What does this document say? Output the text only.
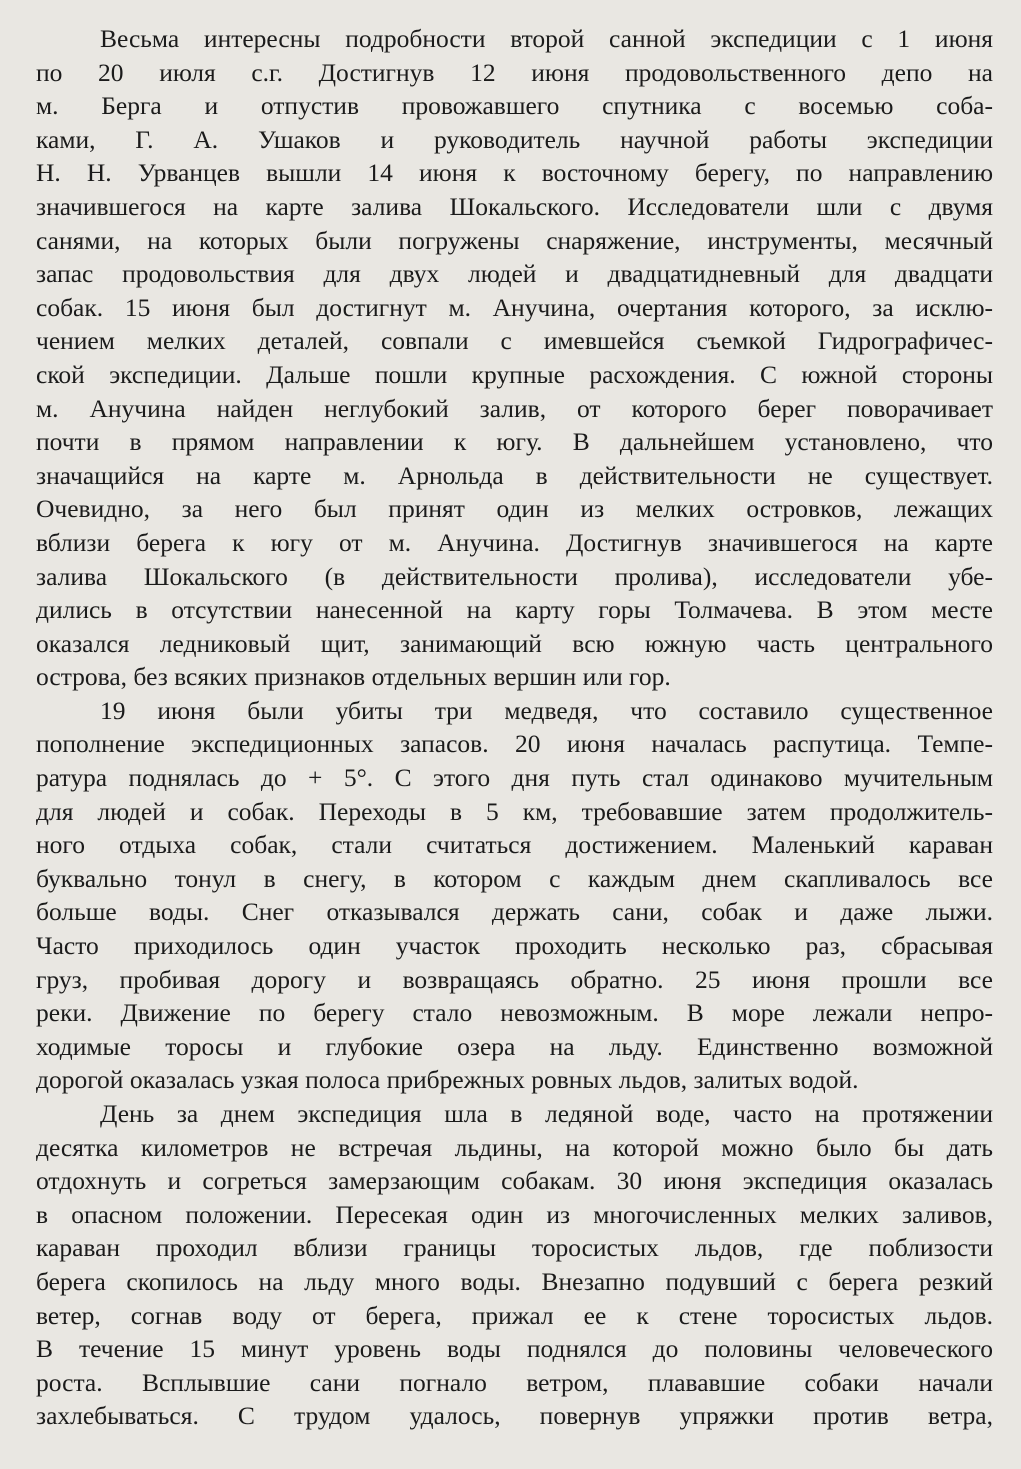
Весьма интересны подробности второй санной экспедиции с 1 июня
по 20 июля с.г. Достигнув 12 июня продовольственного депо на
м. Берга и отпустив провожавшего спутника с восемью соба-
ками, Г. А. Ушаков и руководитель научной работы экспедиции
Н. Н. Урванцев вышли 14 июня к восточному берегу, по направлению
значившегося на карте залива Шокальского. Исследователи шли с двумя
санями, на которых были погружены снаряжение, инструменты, месячный
запас продовольствия для двух людей и двадцатидневный для двадцати
собак. 15 июня был достигнут м. Анучина, очертания которого, за исклю-
чением мелких деталей, совпали с имевшейся съемкой Гидрографичес-
ской экспедиции. Дальше пошли крупные расхождения. С южной стороны
м. Анучина найден неглубокий залив, от которого берег поворачивает
почти в прямом направлении к югу. В дальнейшем установлено, что
значащийся на карте м. Арнольда в действительности не существует.
Очевидно, за него был принят один из мелких островков, лежащих
вблизи берега к югу от м. Анучина. Достигнув значившегося на карте
залива Шокальского (в действительности пролива), исследователи убе-
дились в отсутствии нанесенной на карту горы Толмачева. В этом месте
оказался ледниковый щит, занимающий всю южную часть центрального
острова, без всяких признаков отдельных вершин или гор.
19 июня были убиты три медведя, что составило существенное
пополнение экспедиционных запасов. 20 июня началась распутица. Темпе-
ратура поднялась до + 5°. С этого дня путь стал одинаково мучительным
для людей и собак. Переходы в 5 км, требовавшие затем продолжитель-
ного отдыха собак, стали считаться достижением. Маленький караван
буквально тонул в снегу, в котором с каждым днем скапливалось все
больше воды. Снег отказывался держать сани, собак и даже лыжи.
Часто приходилось один участок проходить несколько раз, сбрасывая
груз, пробивая дорогу и возвращаясь обратно. 25 июня прошли все
реки. Движение по берегу стало невозможным. В море лежали непро-
ходимые торосы и глубокие озера на льду. Единственно возможной
дорогой оказалась узкая полоса прибрежных ровных льдов, залитых водой.
День за днем экспедиция шла в ледяной воде, часто на протяжении
десятка километров не встречая льдины, на которой можно было бы дать
отдохнуть и согреться замерзающим собакам. 30 июня экспедиция оказалась
в опасном положении. Пересекая один из многочисленных мелких заливов,
караван проходил вблизи границы торосистых льдов, где поблизости
берега скопилось на льду много воды. Внезапно подувший с берега резкий
ветер, согнав воду от берега, прижал ее к стене торосистых льдов.
В течение 15 минут уровень воды поднялся до половины человеческого
роста. Всплывшие сани погнало ветром, плававшие собаки начали
захлебываться. С трудом удалось, повернув упряжки против ветра,
